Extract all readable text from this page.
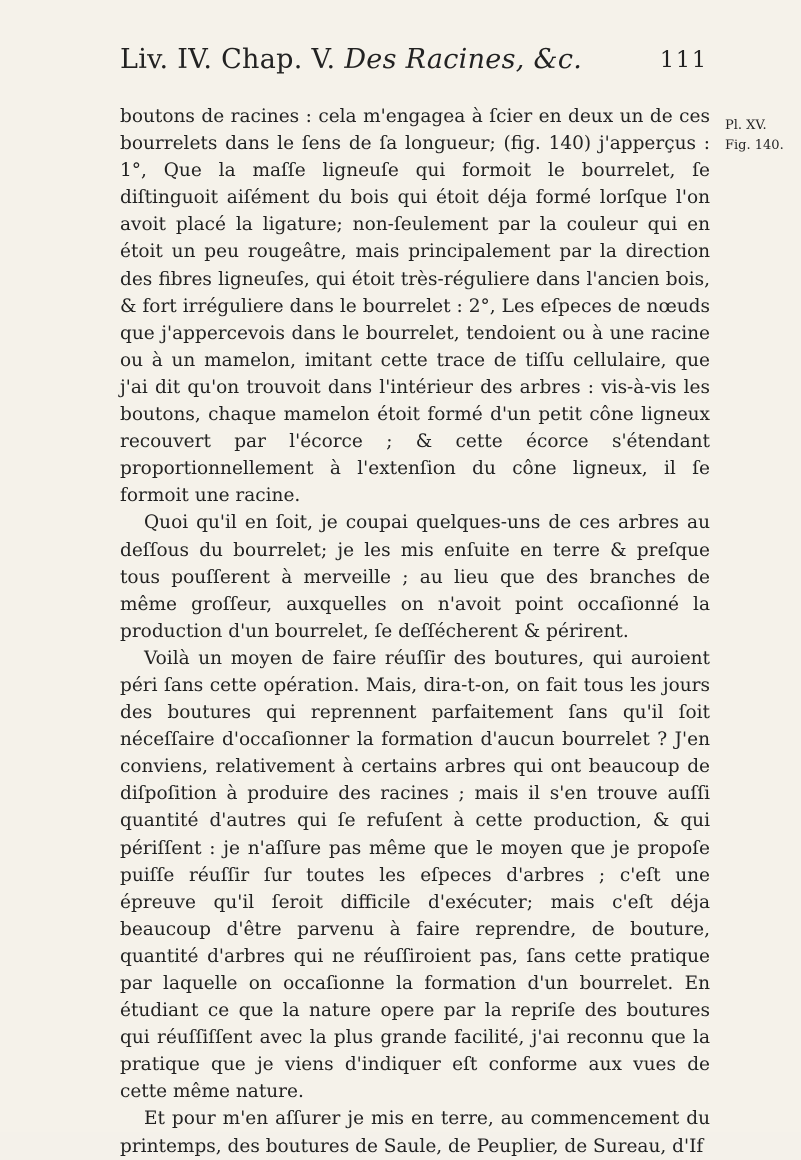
Liv. IV. Chap. V. Des Racines, &c.	111
Pl. XV.
Fig. 140.

boutons de racines : cela m'engagea à ſcier en deux un de ces bourrelets dans le ſens de ſa longueur; (fig. 140) j'apperçus : 1°, Que la maſſe ligneuſe qui formoit le bourrelet, ſe diſtinguoit aiſément du bois qui étoit déja formé lorſque l'on avoit placé la ligature; non-ſeulement par la couleur qui en étoit un peu rougeâtre, mais principalement par la direction des fibres ligneuſes, qui étoit très-réguliere dans l'ancien bois, & fort irréguliere dans le bourrelet : 2°, Les eſpeces de nœuds que j'appercevois dans le bourrelet, tendoient ou à une racine ou à un mamelon, imitant cette trace de tiſſu cellulaire, que j'ai dit qu'on trouvoit dans l'intérieur des arbres : vis-à-vis les boutons, chaque mamelon étoit formé d'un petit cône ligneux recouvert par l'écorce ; & cette écorce s'étendant proportionnellement à l'extenſion du cône ligneux, il ſe formoit une racine.

Quoi qu'il en ſoit, je coupai quelques-uns de ces arbres au deſſous du bourrelet; je les mis enſuite en terre & preſque tous pouſſerent à merveille ; au lieu que des branches de même groſſeur, auxquelles on n'avoit point occaſionné la production d'un bourrelet, ſe deſſécherent & périrent.

Voilà un moyen de faire réuſſir des boutures, qui auroient péri ſans cette opération. Mais, dira-t-on, on fait tous les jours des boutures qui reprennent parfaitement ſans qu'il ſoit néceſſaire d'occaſionner la formation d'aucun bourrelet ? J'en conviens, relativement à certains arbres qui ont beaucoup de diſpoſition à produire des racines ; mais il s'en trouve auſſi quantité d'autres qui ſe refuſent à cette production, & qui périſſent : je n'aſſure pas même que le moyen que je propoſe puiſſe réuſſir ſur toutes les eſpeces d'arbres ; c'eſt une épreuve qu'il ſeroit difficile d'exécuter; mais c'eſt déja beaucoup d'être parvenu à faire reprendre, de bouture, quantité d'arbres qui ne réuſſiroient pas, ſans cette pratique par laquelle on occaſionne la formation d'un bourrelet. En étudiant ce que la nature opere par la repriſe des boutures qui réuſſiſſent avec la plus grande facilité, j'ai reconnu que la pratique que je viens d'indiquer eſt conforme aux vues de cette même nature.

Et pour m'en aſſurer je mis en terre, au commencement du printemps, des boutures de Saule, de Peuplier, de Sureau, d'If
